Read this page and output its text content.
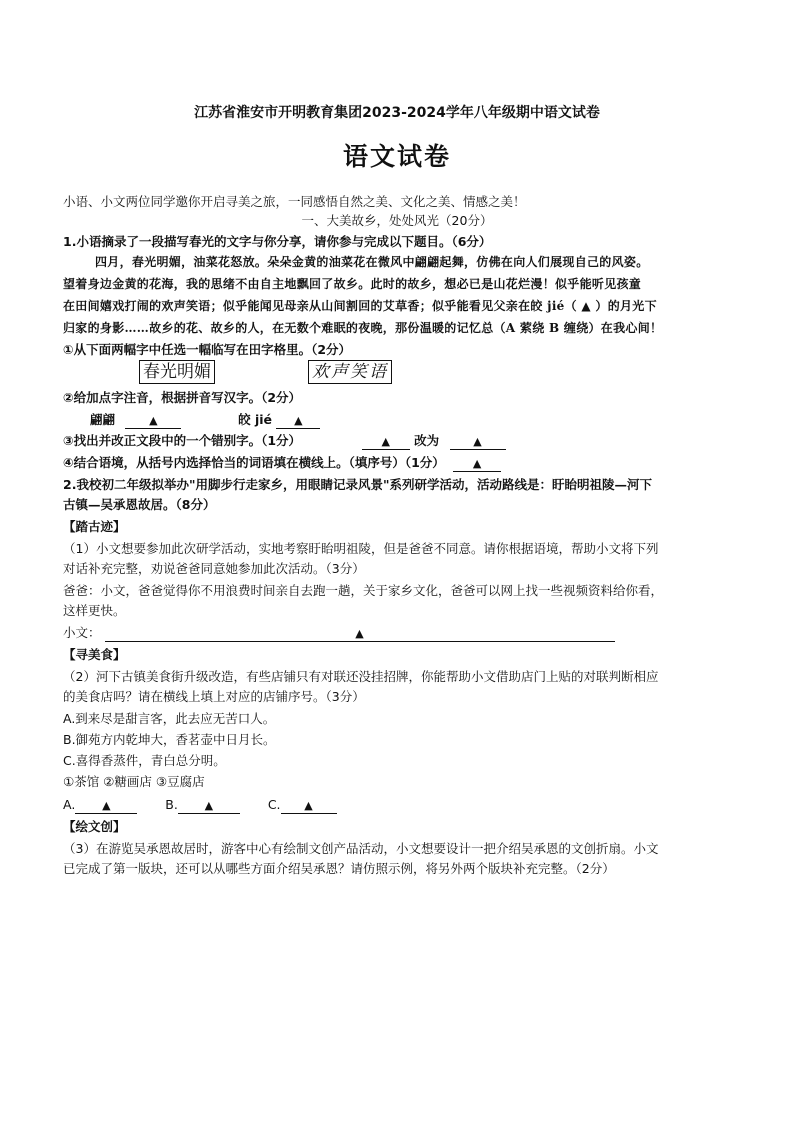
江苏省淮安市开明教育集团2023-2024学年八年级期中语文试卷
语文试卷
小语、小文两位同学邀你开启寻美之旅，一同感悟自然之美、文化之美、情感之美！
一、大美故乡，处处风光（20分）
1.小语摘录了一段描写春光的文字与你分享，请你参与完成以下题目。（6分）
四月，春光明媚，油菜花怒放。朵朵金黄的油菜花在微风中翩翩起舞，仿佛在向人们展现自己的风姿。
望着身边金黄的花海，我的思绪不由自主地飘回了故乡。此时的故乡，想必已是山花烂漫！似乎能听见孩童
在田间嬉戏打闹的欢声笑语；似乎能闻见母亲从山间割回的艾草香；似乎能看见父亲在皎 jié（ ▲ ）的月光下
归家的身影……故乡的花、故乡的人，在无数个难眠的夜晚，那份温暖的记忆总（A 萦绕 B 缠绕）在我心间！
①从下面两幅字中任选一幅临写在田字格里。（2分）
春光明媚	欢声笑语
②给加点字注音，根据拼音写汉字。（2分）
翩翩	▲	皎 jié ▲
③找出并改正文段中的一个错别字。（1分）	▲ 改为	▲
④结合语境，从括号内选择恰当的词语填在横线上。（填序号）（1分）	▲
2.我校初二年级拟举办"用脚步行走家乡，用眼睛记录风景"系列研学活动，活动路线是：盱眙明祖陵—河下
古镇—吴承恩故居。（8分）
【踏古迹】
（1）小文想要参加此次研学活动，实地考察盱眙明祖陵，但是爸爸不同意。请你根据语境，帮助小文将下列
对话补充完整，劝说爸爸同意她参加此次活动。（3分）
爸爸：小文，爸爸觉得你不用浪费时间亲自去跑一趟，关于家乡文化，爸爸可以网上找一些视频资料给你看，
这样更快。
小文：	▲
【寻美食】
（2）河下古镇美食街升级改造，有些店铺只有对联还没挂招牌，你能帮助小文借助店门上贴的对联判断相应
的美食店吗？请在横线上填上对应的店铺序号。（3分）
A.到来尽是甜言客，此去应无苦口人。
B.御苑方内乾坤大，香茗壶中日月长。
C.喜得香蒸件，青白总分明。
①茶馆 ②糖画店 ③豆腐店
A. ▲	B. ▲	C. ▲
【绘文创】
（3）在游览吴承恩故居时，游客中心有绘制文创产品活动，小文想要设计一把介绍吴承恩的文创折扇。小文
已完成了第一版块，还可以从哪些方面介绍吴承恩？请仿照示例，将另外两个版块补充完整。（2分）
